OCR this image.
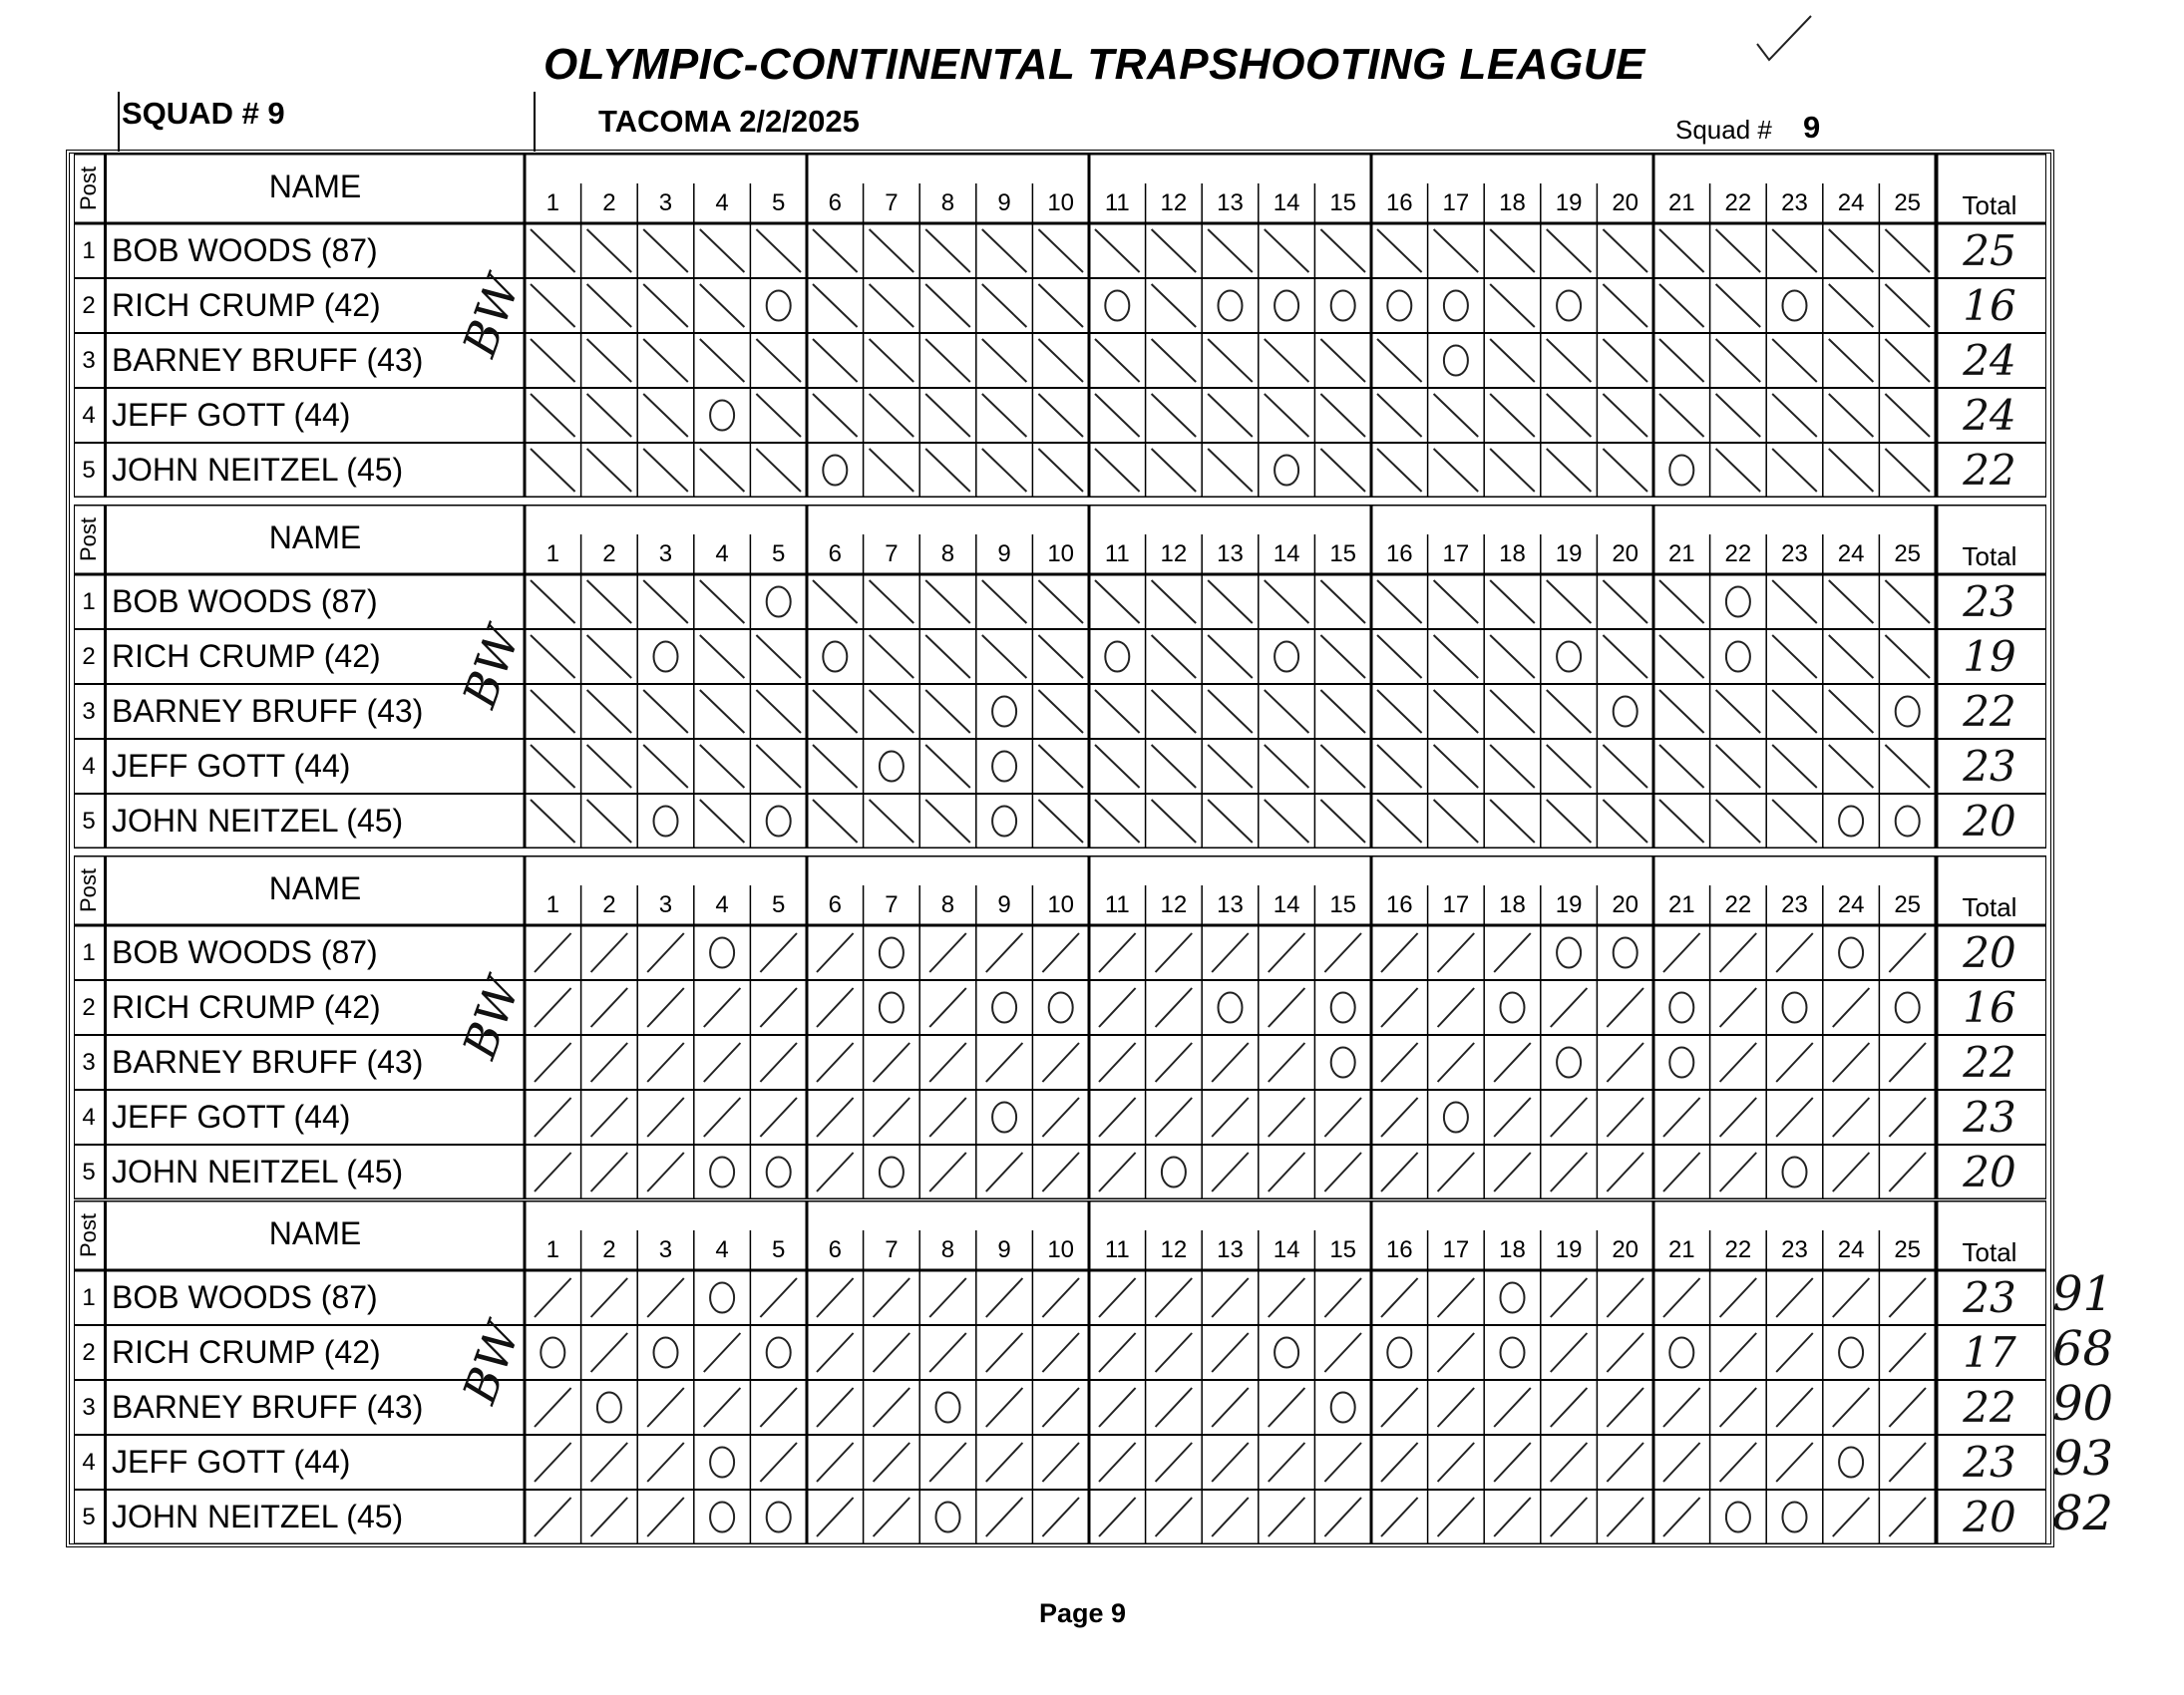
OLYMPIC-CONTINENTAL TRAPSHOOTING LEAGUE
SQUAD # 9	TACOMA 2/2/2025	Squad # 9
Post	NAME	1	2	3	4	5	6	7	8	9	10	11	12	13	14	15	16	17	18	19	20	21	22	23	24	25	Total
1 BOB WOODS (87)	25
2 RICH CRUMP (42)	16
3 BARNEY BRUFF (43)	24
4 JEFF GOTT (44)	24
5 JOHN NEITZEL (45)	22
BW
Post	NAME	1	2	3	4	5	6	7	8	9	10	11	12	13	14	15	16	17	18	19	20	21	22	23	24	25	Total
1 BOB WOODS (87)	23
2 RICH CRUMP (42)	19
3 BARNEY BRUFF (43)	22
4 JEFF GOTT (44)	23
5 JOHN NEITZEL (45)	20
BW
Post	NAME	1	2	3	4	5	6	7	8	9	10	11	12	13	14	15	16	17	18	19	20	21	22	23	24	25	Total
1 BOB WOODS (87)	20
2 RICH CRUMP (42)	16
3 BARNEY BRUFF (43)	22
4 JEFF GOTT (44)	23
5 JOHN NEITZEL (45)	20
BW
Post	NAME	1	2	3	4	5	6	7	8	9	10	11	12	13	14	15	16	17	18	19	20	21	22	23	24	25	Total
1 BOB WOODS (87)	23 91
2 RICH CRUMP (42)	17 68
3 BARNEY BRUFF (43)	22 90
4 JEFF GOTT (44)	23 93
5 JOHN NEITZEL (45)	20 82
BW
Page 9
